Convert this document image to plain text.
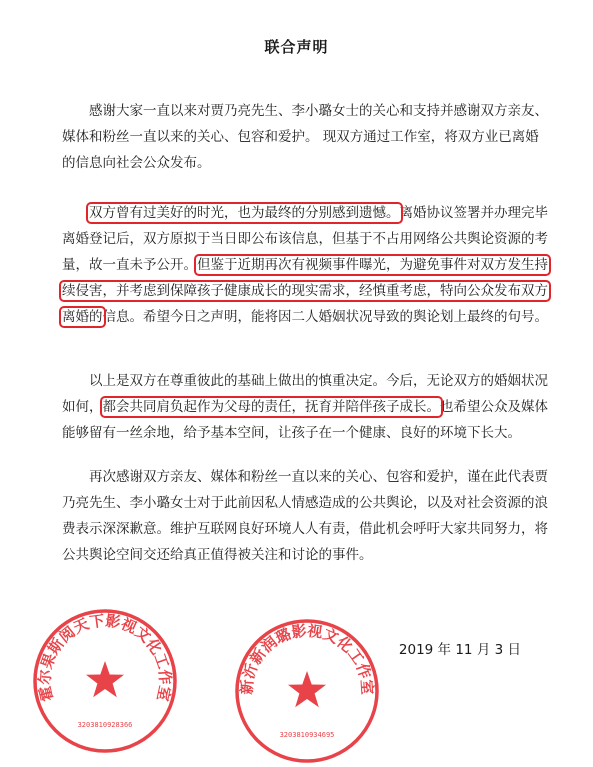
联合声明

感谢大家一直以来对贾乃亮先生、李小璐女士的关心和支持并感谢双方亲友、媒体和粉丝一直以来的关心、包容和爱护。 现双方通过工作室，将双方业已离婚的信息向社会公众发布。

双方曾有过美好的时光，也为最终的分别感到遗憾。离婚协议签署并办理完毕离婚登记后，双方原拟于当日即公布该信息，但基于不占用网络公共舆论资源的考量，故一直未予公开。但鉴于近期再次有视频事件曝光，为避免事件对双方发生持续侵害，并考虑到保障孩子健康成长的现实需求，经慎重考虑，特向公众发布双方离婚的信息。希望今日之声明，能将因二人婚姻状况导致的舆论划上最终的句号。

以上是双方在尊重彼此的基础上做出的慎重决定。今后，无论双方的婚姻状况如何，都会共同肩负起作为父母的责任，抚育并陪伴孩子成长。也希望公众及媒体能够留有一丝余地，给予基本空间，让孩子在一个健康、良好的环境下长大。

再次感谢双方亲友、媒体和粉丝一直以来的关心、包容和爱护，谨在此代表贾乃亮先生、李小璐女士对于此前因私人情感造成的公共舆论，以及对社会资源的浪费表示深深歉意。维护互联网良好环境人人有责，借此机会呼吁大家共同努力，将公共舆论空间交还给真正值得被关注和讨论的事件。

2019 年 11 月 3 日
霍尔果斯阅天下影视文化工作室
3203810928366
新沂新润璐影视文化工作室
3203810934695
